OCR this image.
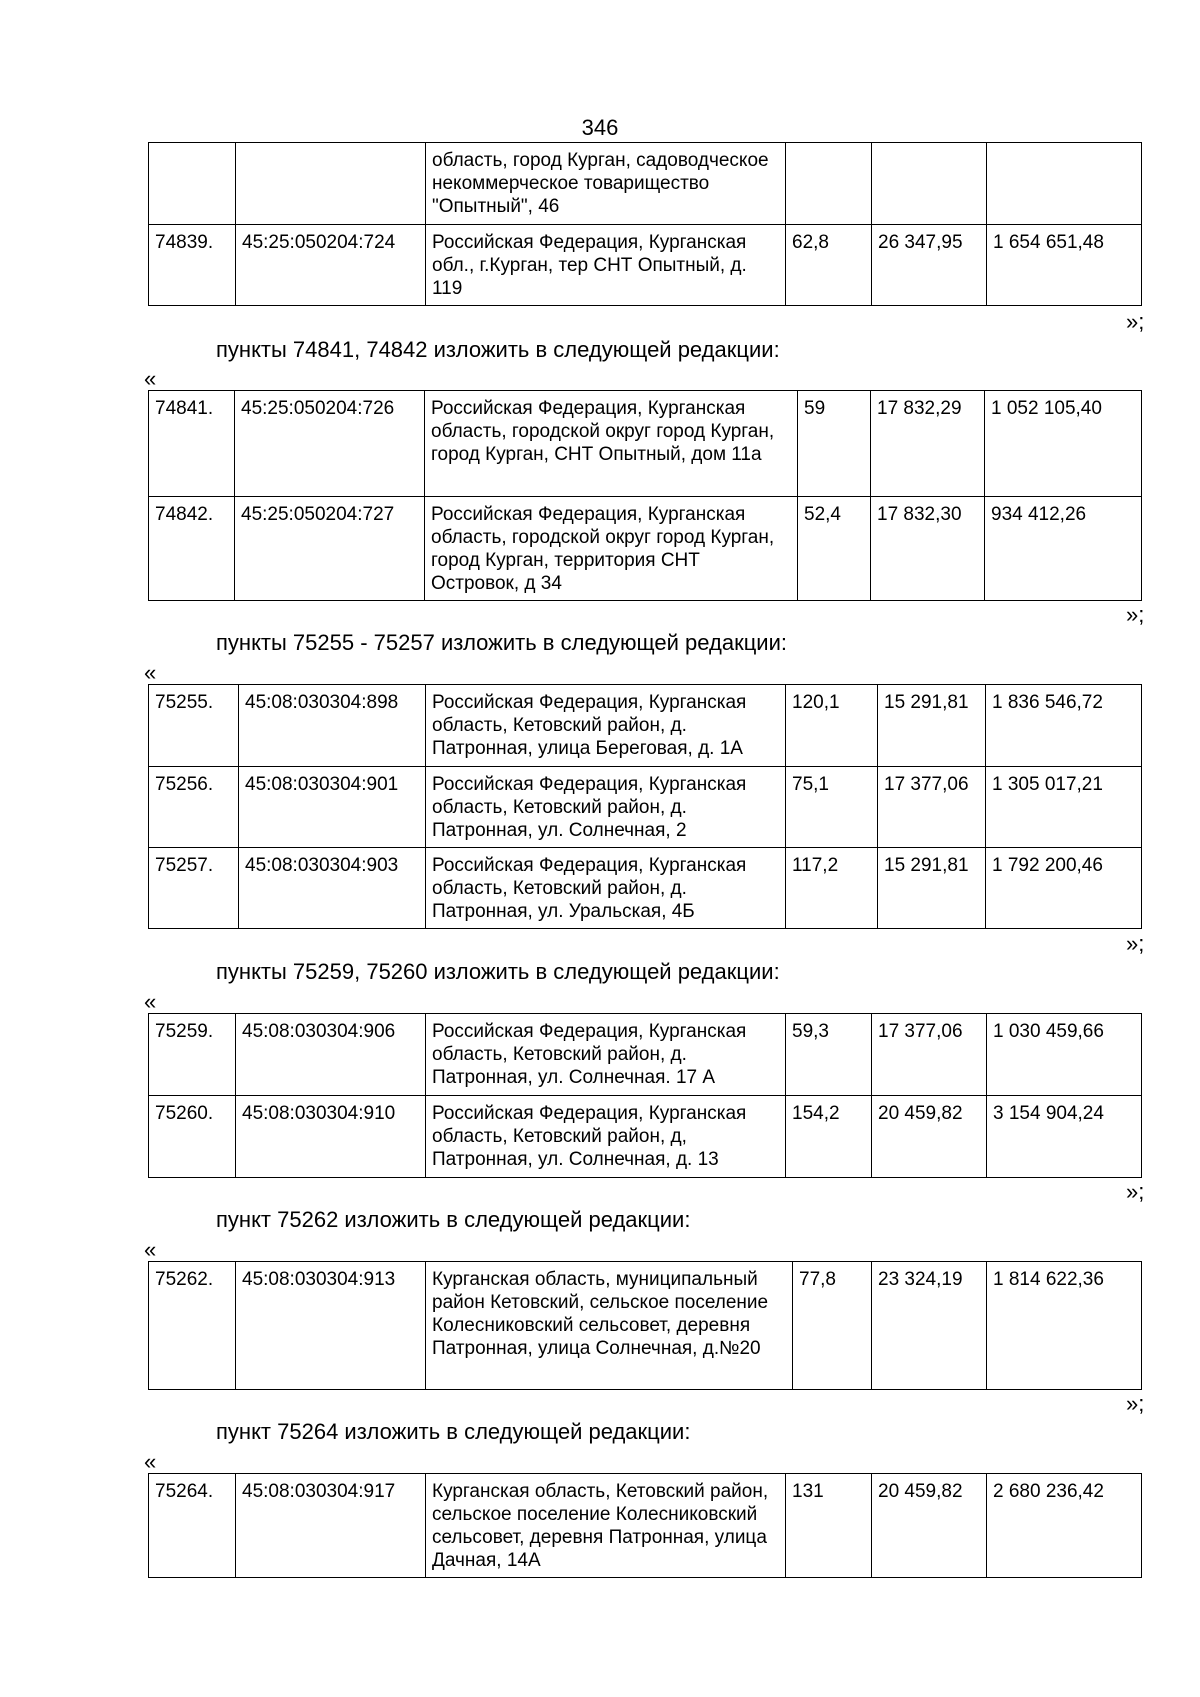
346
		область, город Курган, садоводческое некоммерческое товарищество "Опытный", 46			
74839.	45:25:050204:724	Российская Федерация, Курганская обл., г.Курган, тер СНТ Опытный, д. 119	62,8	26 347,95	1 654 651,48
»;
пункты 74841, 74842 изложить в следующей редакции:
«
74841.	45:25:050204:726	Российская Федерация, Курганская область, городской округ город Курган, город Курган, СНТ Опытный, дом 11а	59	17 832,29	1 052 105,40
74842.	45:25:050204:727	Российская Федерация, Курганская область, городской округ город Курган, город Курган, территория СНТ Островок, д 34	52,4	17 832,30	934 412,26
»;
пункты 75255 - 75257 изложить в следующей редакции:
«
75255.	45:08:030304:898	Российская Федерация, Курганская область, Кетовский район, д. Патронная, улица Береговая, д. 1А	120,1	15 291,81	1 836 546,72
75256.	45:08:030304:901	Российская Федерация, Курганская область, Кетовский район, д. Патронная, ул. Солнечная, 2	75,1	17 377,06	1 305 017,21
75257.	45:08:030304:903	Российская Федерация, Курганская область, Кетовский район, д. Патронная, ул. Уральская, 4Б	117,2	15 291,81	1 792 200,46
»;
пункты 75259, 75260 изложить в следующей редакции:
«
75259.	45:08:030304:906	Российская Федерация, Курганская область, Кетовский район, д. Патронная, ул. Солнечная. 17 А	59,3	17 377,06	1 030 459,66
75260.	45:08:030304:910	Российская Федерация, Курганская область, Кетовский район, д, Патронная, ул. Солнечная, д. 13	154,2	20 459,82	3 154 904,24
»;
пункт 75262 изложить в следующей редакции:
«
75262.	45:08:030304:913	Курганская область, муниципальный район Кетовский, сельское поселение Колесниковский сельсовет, деревня Патронная, улица Солнечная, д.№20	77,8	23 324,19	1 814 622,36
»;
пункт 75264 изложить в следующей редакции:
«
75264.	45:08:030304:917	Курганская область, Кетовский район, сельское поселение Колесниковский сельсовет, деревня Патронная, улица Дачная, 14А	131	20 459,82	2 680 236,42
